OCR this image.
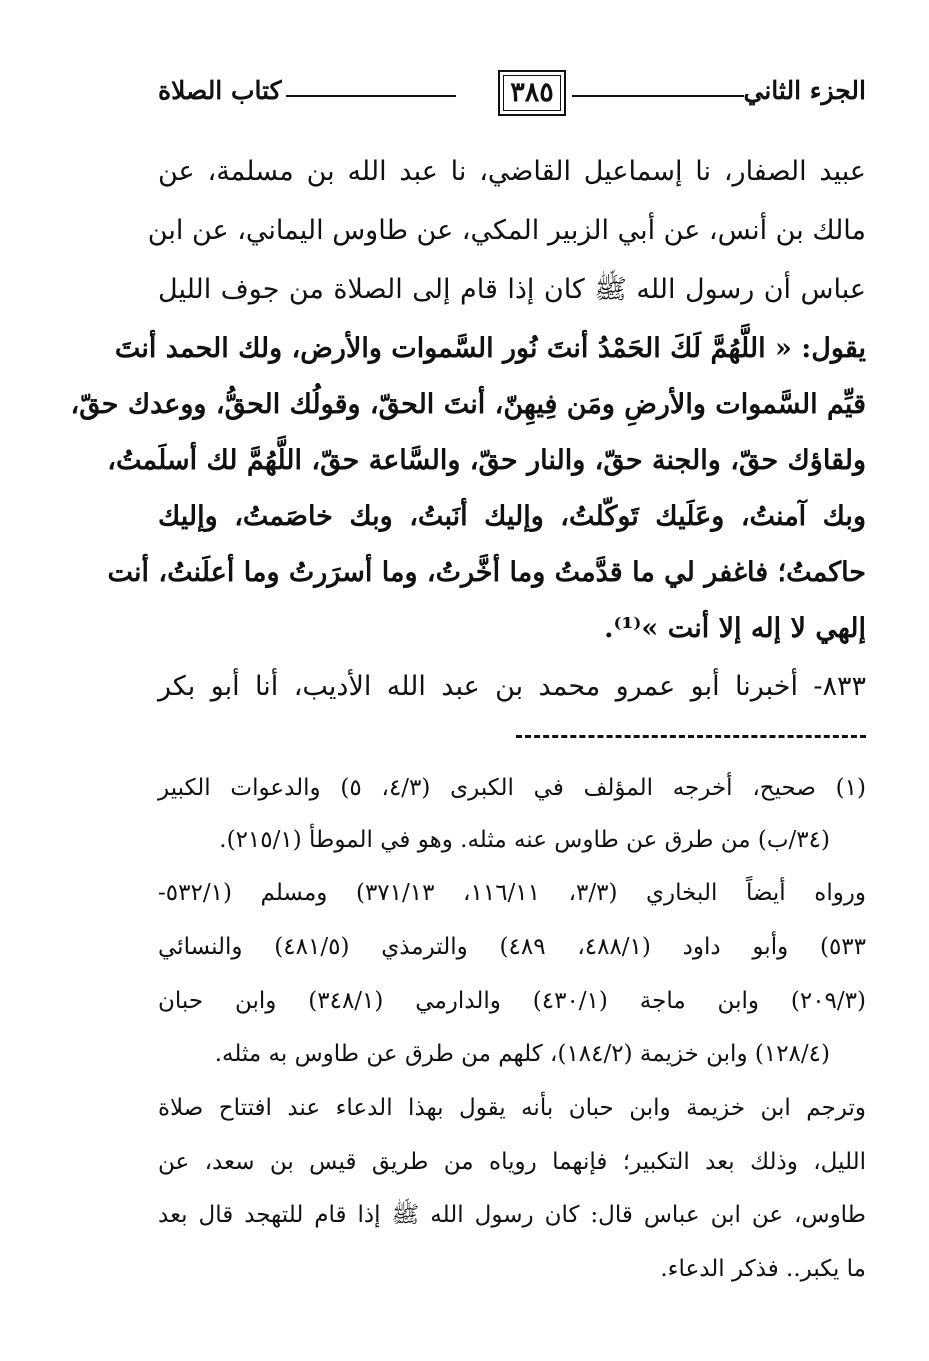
الجزء الثاني
٣٨٥
كتاب الصلاة
عبيد الصفار، نا إسماعيل القاضي، نا عبد الله بن مسلمة، عن
مالك بن أنس، عن أبي الزبير المكي، عن طاوس اليماني، عن ابن
عباس أن رسول الله ﷺ كان إذا قام إلى الصلاة من جوف الليل
يقول: « اللَّهُمَّ لَكَ الحَمْدُ أنتَ نُور السَّموات والأرض، ولك الحمد أنتَ
قيِّم السَّموات والأرضِ ومَن فِيهِنّ، أنتَ الحقّ، وقولُك الحقُّ، ووعدك حقّ،
ولقاؤك حقّ، والجنة حقّ، والنار حقّ، والسَّاعة حقّ، اللَّهُمَّ لك أسلَمتُ،
وبك آمنتُ، وعَلَيك تَوكّلتُ، وإليك أنَبتُ، وبك خاصَمتُ، وإليك
حاكمتُ؛ فاغفر لي ما قدَّمتُ وما أخَّرتُ، وما أسرَرتُ وما أعلَنتُ، أنت
إلهي لا إله إلا أنت »⁽¹⁾.
٨٣٣- أخبرنا أبو عمرو محمد بن عبد الله الأديب، أنا أبو بكر
(١) صحيح، أخرجه المؤلف في الكبرى (٤/٣، ٥) والدعوات الكبير
(٣٤/ب) من طرق عن طاوس عنه مثله. وهو في الموطأ (٢١٥/١).
ورواه أيضاً البخاري (٣/٣، ١١٦/١١، ٣٧١/١٣) ومسلم (٥٣٢/١-
٥٣٣) وأبو داود (٤٨٨/١، ٤٨٩) والترمذي (٤٨١/٥) والنسائي
(٢٠٩/٣) وابن ماجة (٤٣٠/١) والدارمي (٣٤٨/١) وابن حبان
(١٢٨/٤) وابن خزيمة (١٨٤/٢)، كلهم من طرق عن طاوس به مثله.
وترجم ابن خزيمة وابن حبان بأنه يقول بهذا الدعاء عند افتتاح صلاة
الليل، وذلك بعد التكبير؛ فإنهما روياه من طريق قيس بن سعد، عن
طاوس، عن ابن عباس قال: كان رسول الله ﷺ إذا قام للتهجد قال بعد
ما يكبر.. فذكر الدعاء.
